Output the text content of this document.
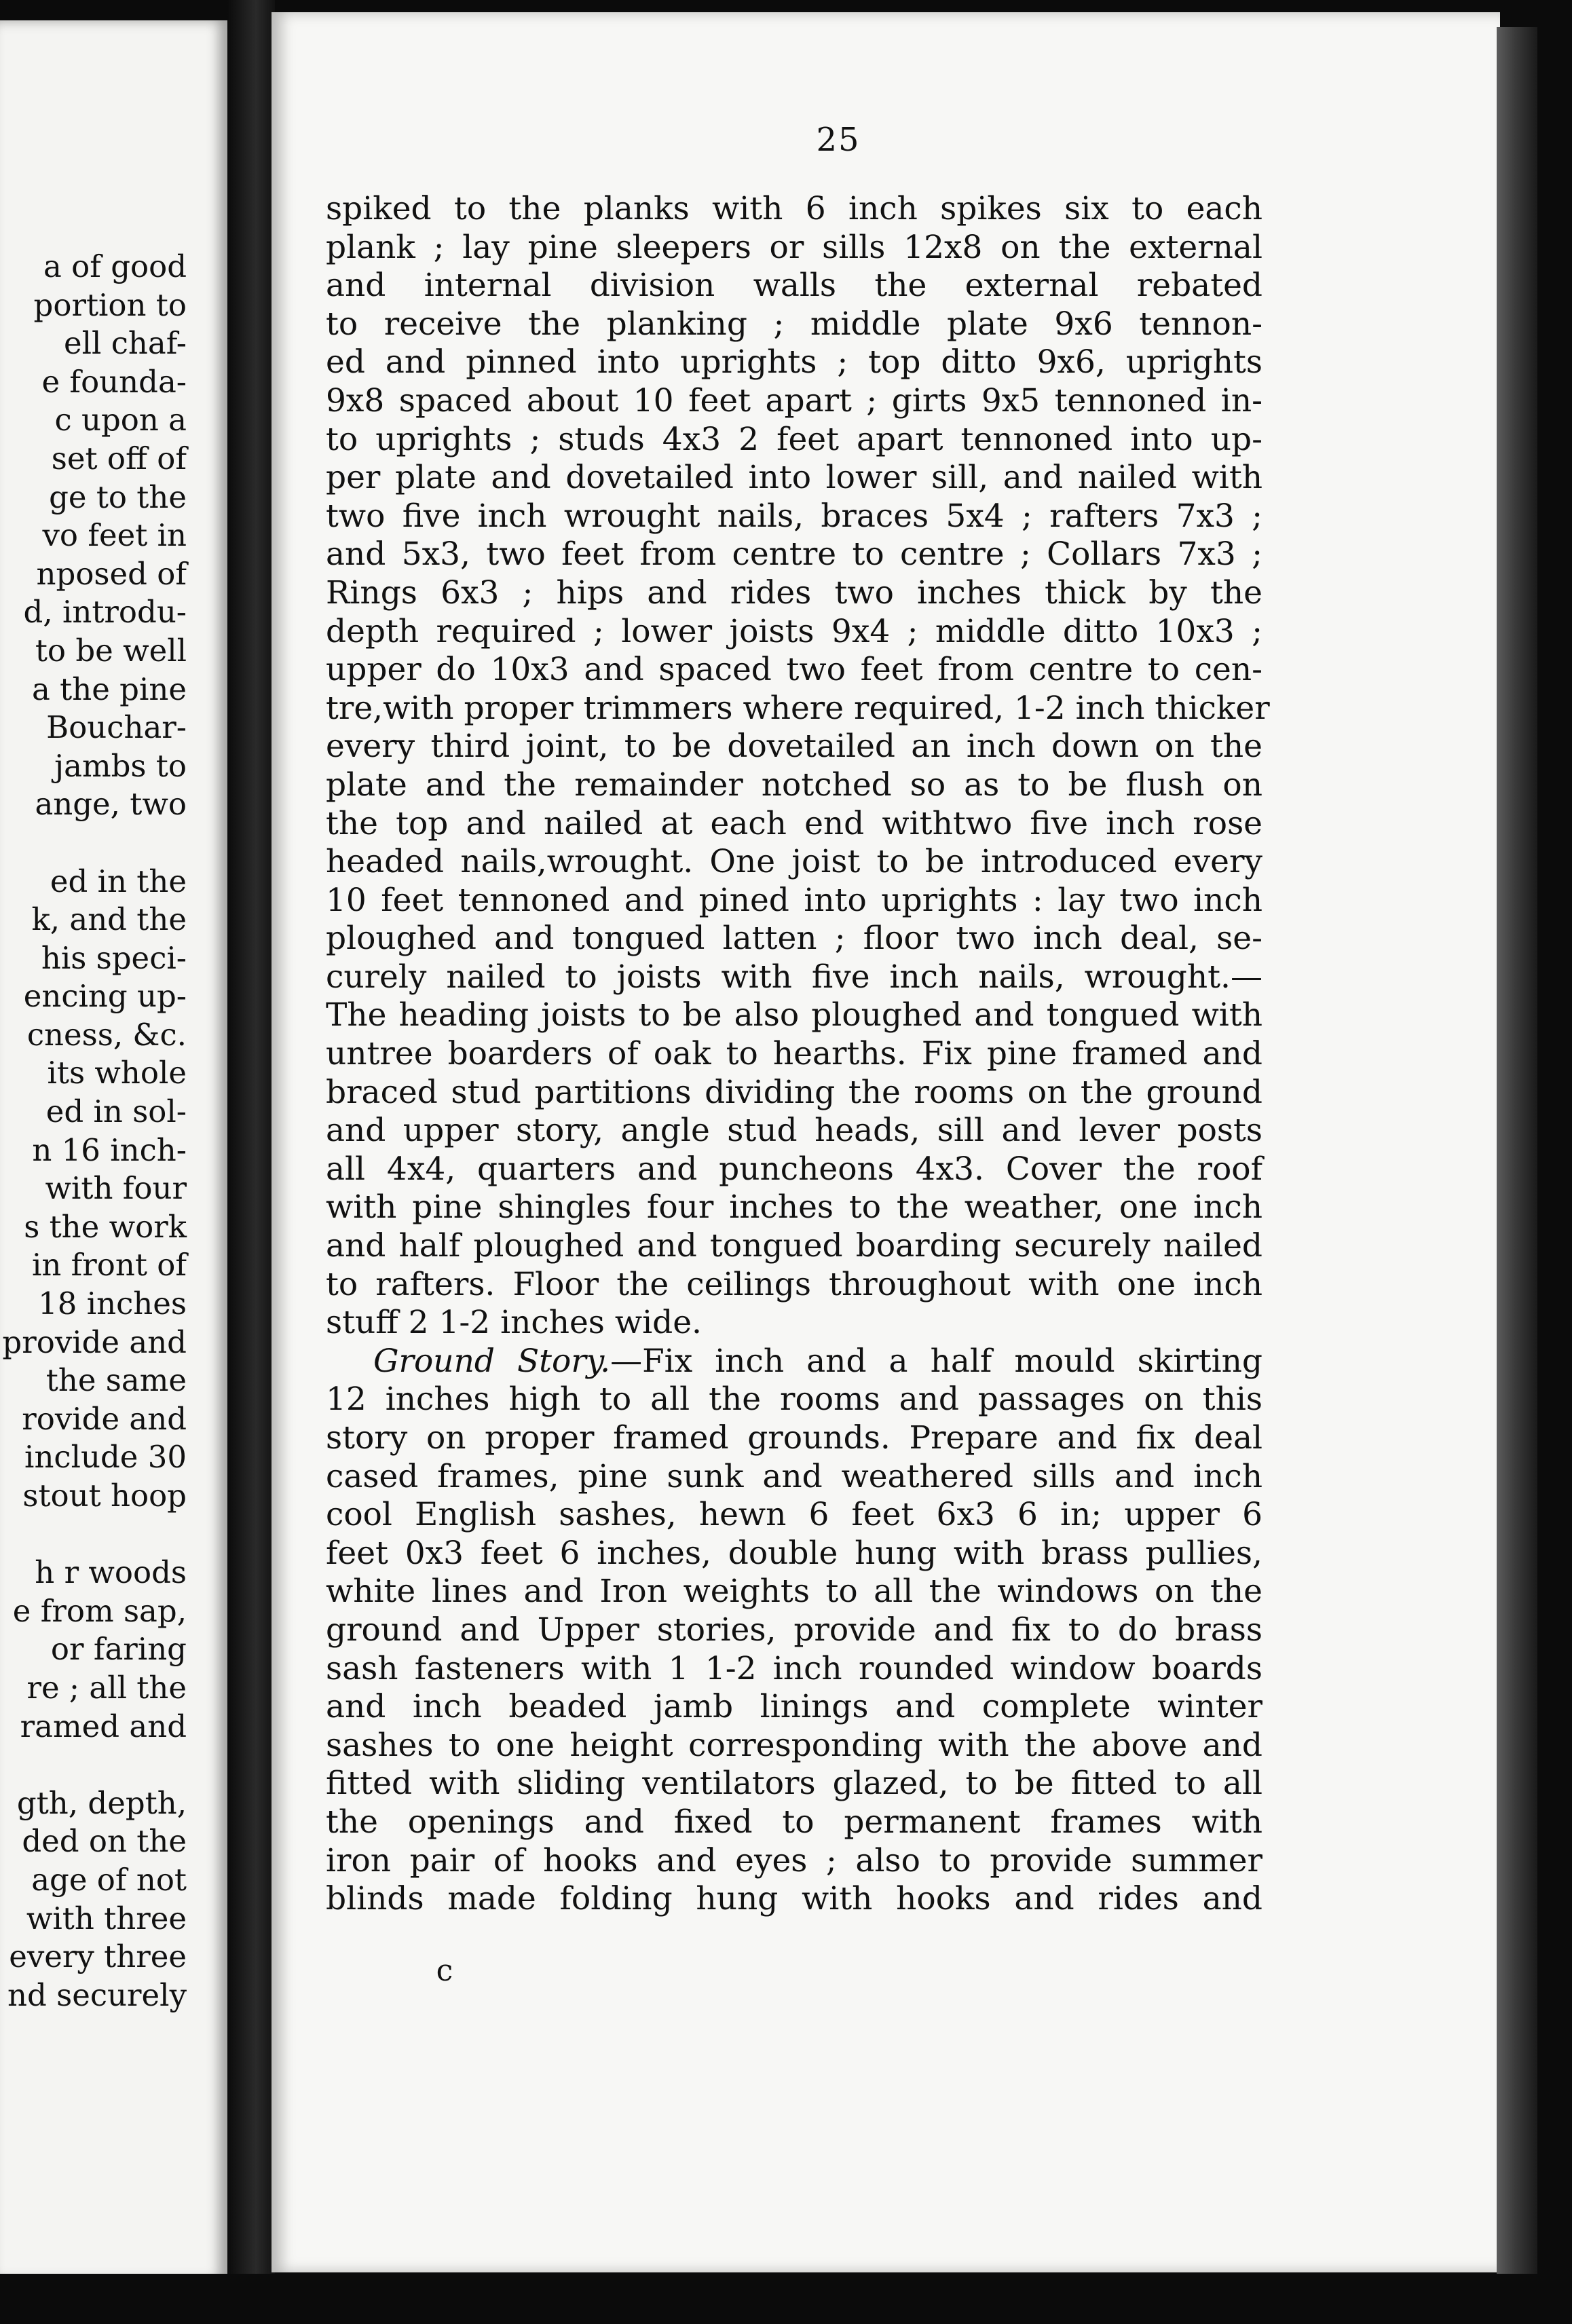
a of good
portion to
ell chaf-
e founda-
c upon a
set off of
ge to the
vo feet in
nposed of
d, introdu-
to be well
a the pine
Bouchar-
jambs to
ange, two
ed in the
k, and the
his speci-
encing up-
cness, &c.
its whole
ed in sol-
n 16 inch-
with four
s the work
in front of
18 inches
provide and
the same
rovide and
include 30
stout hoop
h r woods
e from sap,
or faring
re ; all the
ramed and
gth, depth,
ded on the
age of not
with three
every three
nd securely
25
spiked to the planks with 6 inch spikes six to each
plank ; lay pine sleepers or sills 12x8 on the external
and internal division walls the external rebated
to receive the planking ; middle plate 9x6 tennon-
ed and pinned into uprights ; top ditto 9x6, uprights
9x8 spaced about 10 feet apart ; girts 9x5 tennoned in-
to uprights ; studs 4x3 2 feet apart tennoned into up-
per plate and dovetailed into lower sill, and nailed with
two five inch wrought nails, braces 5x4 ; rafters 7x3 ;
and 5x3, two feet from centre to centre ; Collars 7x3 ;
Rings 6x3 ; hips and rides two inches thick by the
depth required ; lower joists 9x4 ; middle ditto 10x3 ;
upper do 10x3 and spaced two feet from centre to cen-
tre,with proper trimmers where required, 1-2 inch thicker
every third joint, to be dovetailed an inch down on the
plate and the remainder notched so as to be flush on
the top and nailed at each end withtwo five inch rose
headed nails,wrought. One joist to be introduced every
10 feet tennoned and pined into uprights : lay two inch
ploughed and tongued latten ; floor two inch deal, se-
curely nailed to joists with five inch nails, wrought.—
The heading joists to be also ploughed and tongued with
untree boarders of oak to hearths. Fix pine framed and
braced stud partitions dividing the rooms on the ground
and upper story, angle stud heads, sill and lever posts
all 4x4, quarters and puncheons 4x3. Cover the roof
with pine shingles four inches to the weather, one inch
and half ploughed and tongued boarding securely nailed
to rafters. Floor the ceilings throughout with one inch
stuff 2 1-2 inches wide.
Ground Story.—Fix inch and a half mould skirting
12 inches high to all the rooms and passages on this
story on proper framed grounds. Prepare and fix deal
cased frames, pine sunk and weathered sills and inch
cool English sashes, hewn 6 feet 6x3 6 in; upper 6
feet 0x3 feet 6 inches, double hung with brass pullies,
white lines and Iron weights to all the windows on the
ground and Upper stories, provide and fix to do brass
sash fasteners with 1 1-2 inch rounded window boards
and inch beaded jamb linings and complete winter
sashes to one height corresponding with the above and
fitted with sliding ventilators glazed, to be fitted to all
the openings and fixed to permanent frames with
iron pair of hooks and eyes ; also to provide summer
blinds made folding hung with hooks and rides and
c
